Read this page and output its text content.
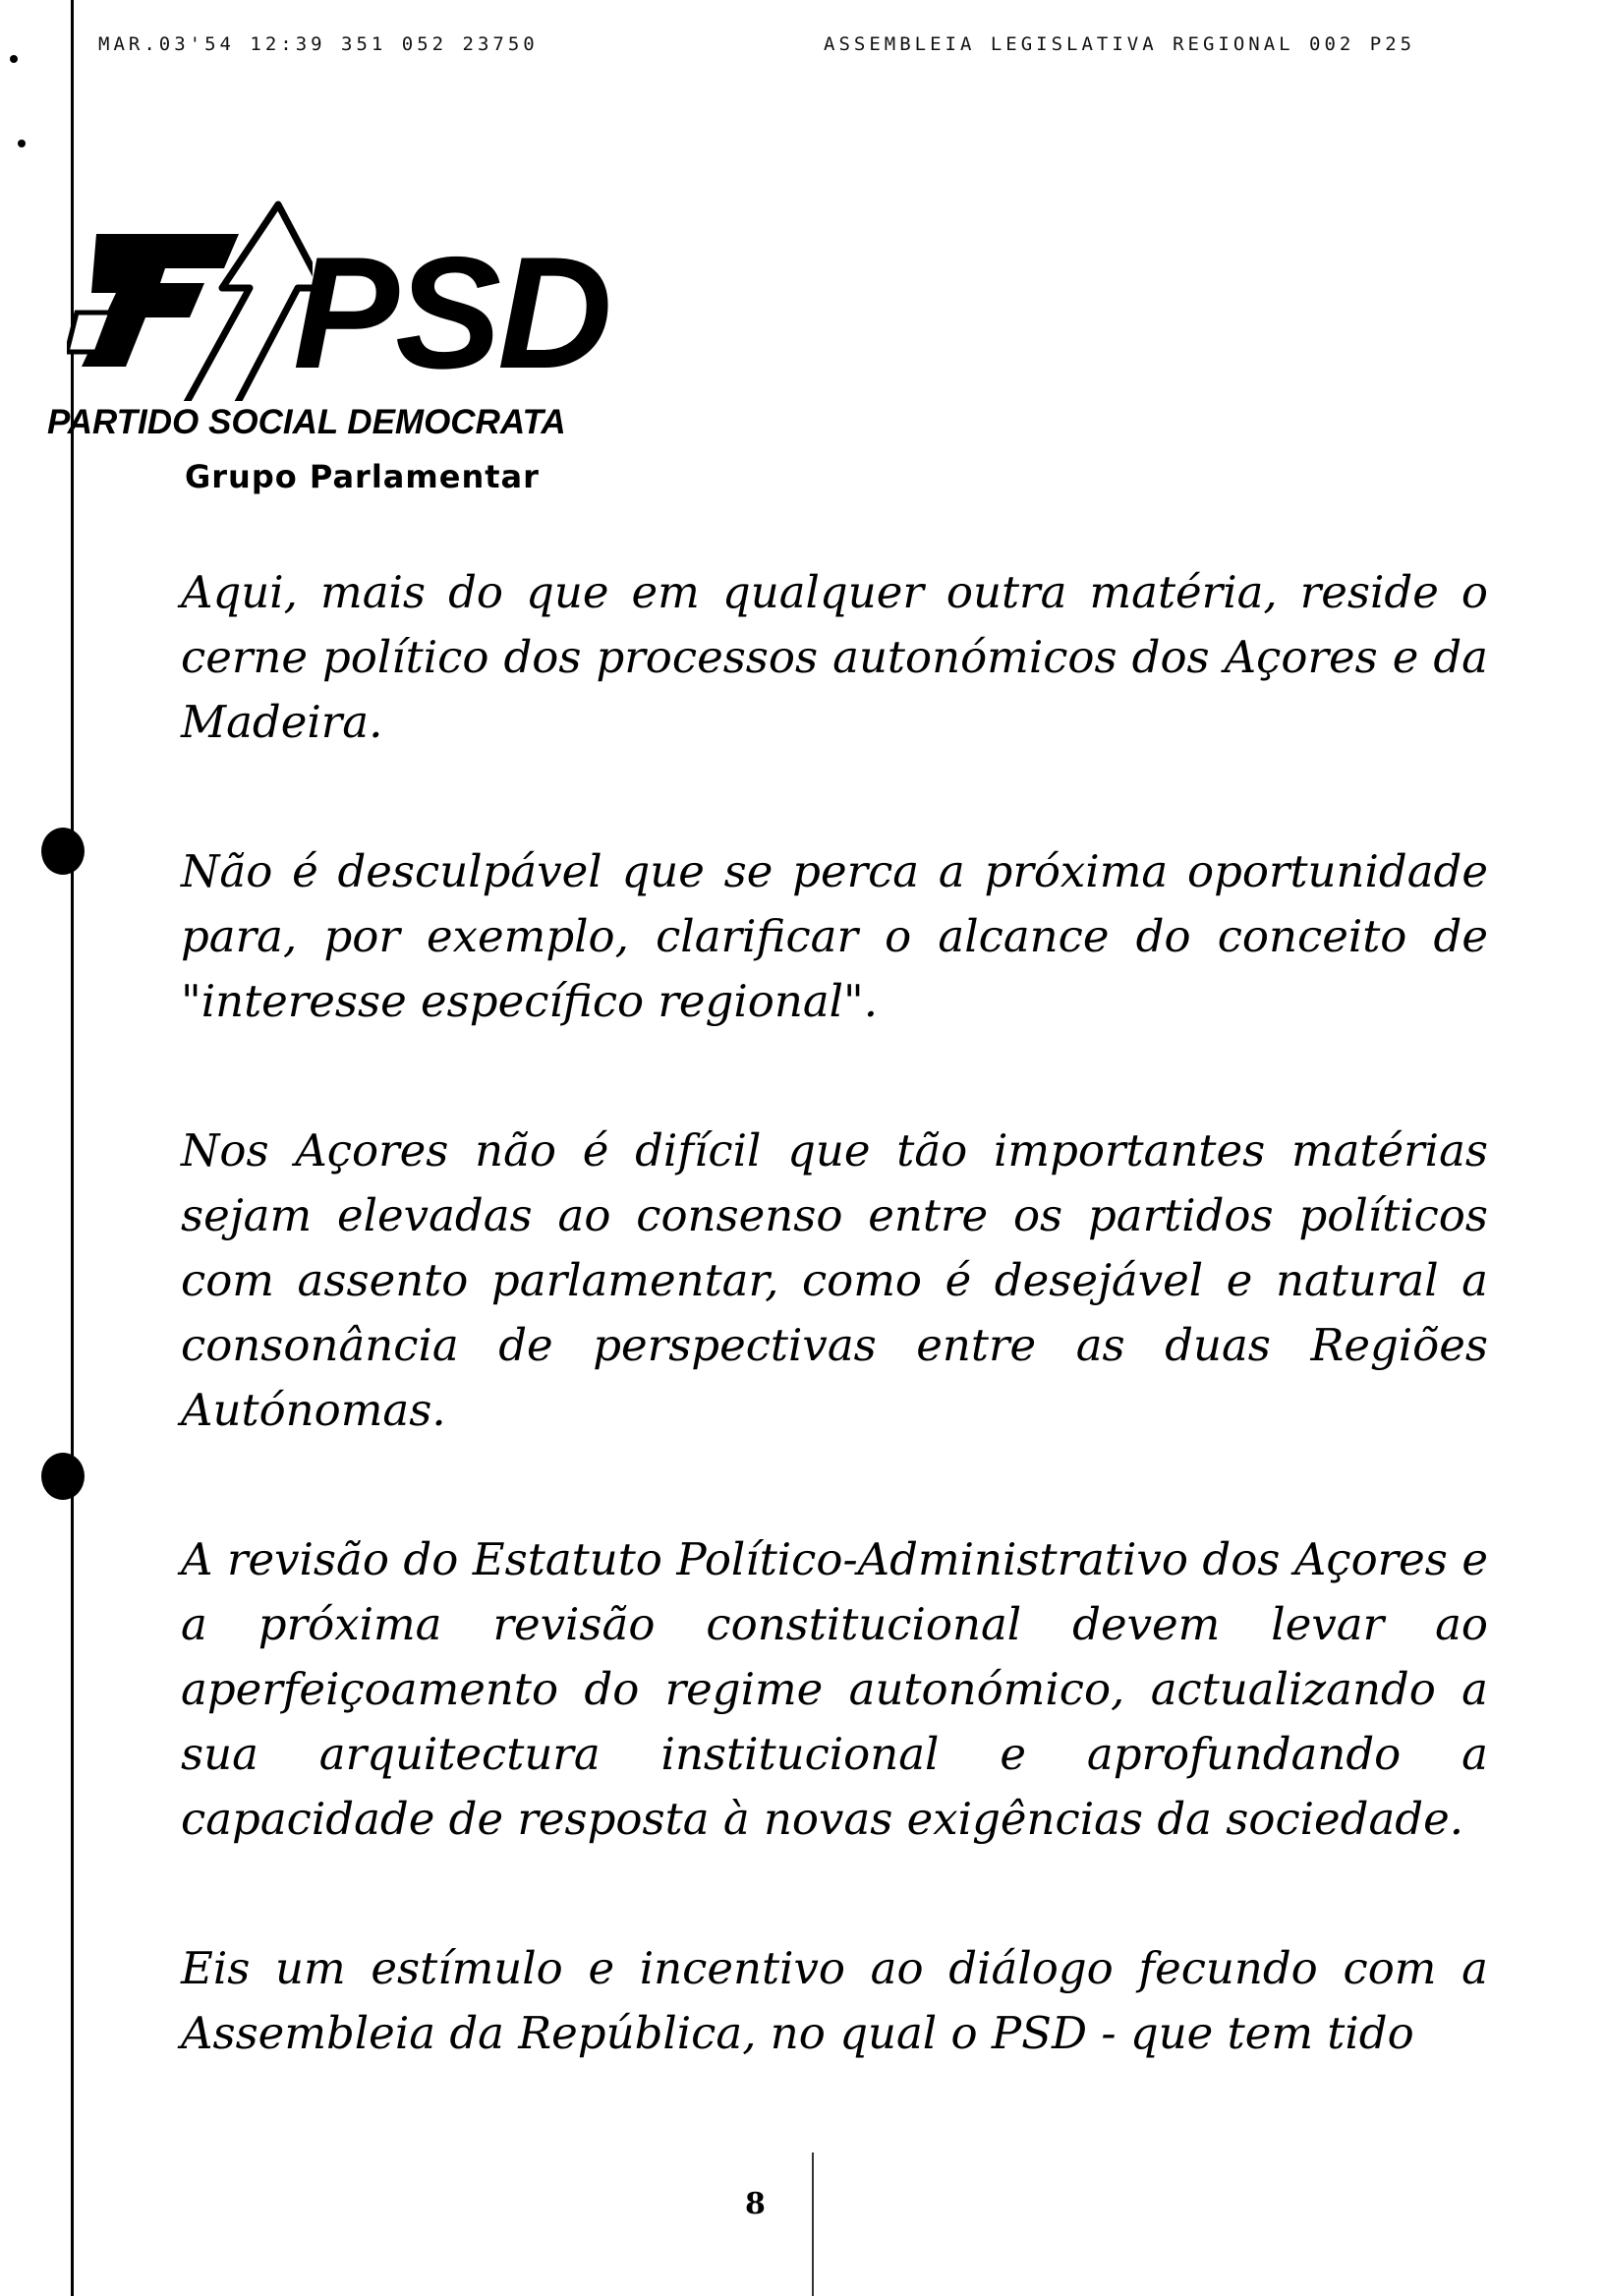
MAR.03'54 12:39 351 052 23750	ASSEMBLEIA LEGISLATIVA REGIONAL 002 P25
PSD
PARTIDO SOCIAL DEMOCRATA
Grupo Parlamentar

Aqui, mais do que em qualquer outra matéria, reside o cerne político dos processos autonómicos dos Açores e da Madeira.

Não é desculpável que se perca a próxima oportunidade para, por exemplo, clarificar o alcance do conceito de "interesse específico regional".

Nos Açores não é difícil que tão importantes matérias sejam elevadas ao consenso entre os partidos políticos com assento parlamentar, como é desejável e natural a consonância de perspectivas entre as duas Regiões Autónomas.

A revisão do Estatuto Político-Administrativo dos Açores e a próxima revisão constitucional devem levar ao aperfeiçoamento do regime autonómico, actualizando a sua arquitectura institucional e aprofundando a capacidade de resposta à novas exigências da sociedade.

Eis um estímulo e incentivo ao diálogo fecundo com a Assembleia da República, no qual o PSD - que tem tido

8
